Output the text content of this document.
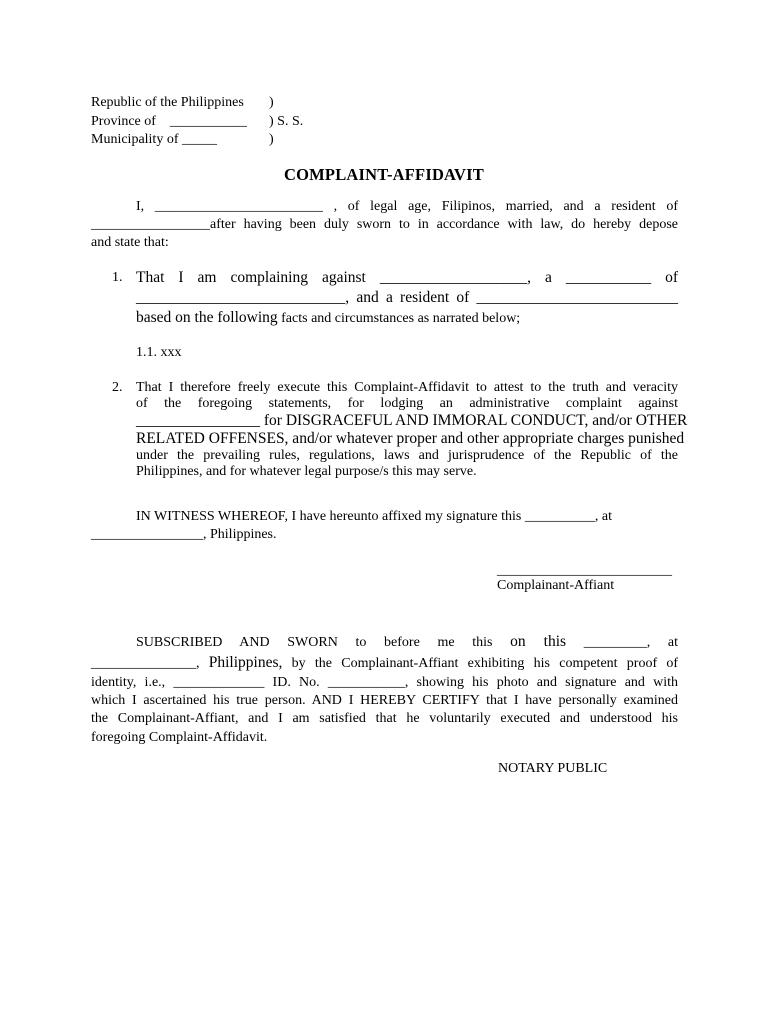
Republic of the Philippines	)
Province of    ___________	) S. S.
Municipality of _____	)
COMPLAINT-AFFIDAVIT
I, ________________________ , of legal age, Filipinos, married, and a resident of
_________________after having been duly sworn to in accordance with law, do hereby depose
and state that:
1. That I am complaining against ___________________, a ___________ of
___________________________, and a resident of __________________________
based on the following facts and circumstances as narrated below;
1.1. xxx
2. That I therefore freely execute this Complaint-Affidavit to attest to the truth and veracity
of the foregoing statements, for lodging an administrative complaint against
________________ for DISGRACEFUL AND IMMORAL CONDUCT, and/or OTHER
RELATED OFFENSES, and/or whatever proper and other appropriate charges punished
under the prevailing rules, regulations, laws and jurisprudence of the Republic of the
Philippines, and for whatever legal purpose/s this may serve.
IN WITNESS WHEREOF, I have hereunto affixed my signature this __________, at
________________, Philippines.
_________________________
Complainant-Affiant
SUBSCRIBED AND SWORN to before me this on this _________, at
_______________, Philippines, by the Complainant-Affiant exhibiting his competent proof of
identity, i.e., _____________ ID. No. ___________, showing his photo and signature and with
which I ascertained his true person. AND I HEREBY CERTIFY that I have personally examined
the Complainant-Affiant, and I am satisfied that he voluntarily executed and understood his
foregoing Complaint-Affidavit.
NOTARY PUBLIC
